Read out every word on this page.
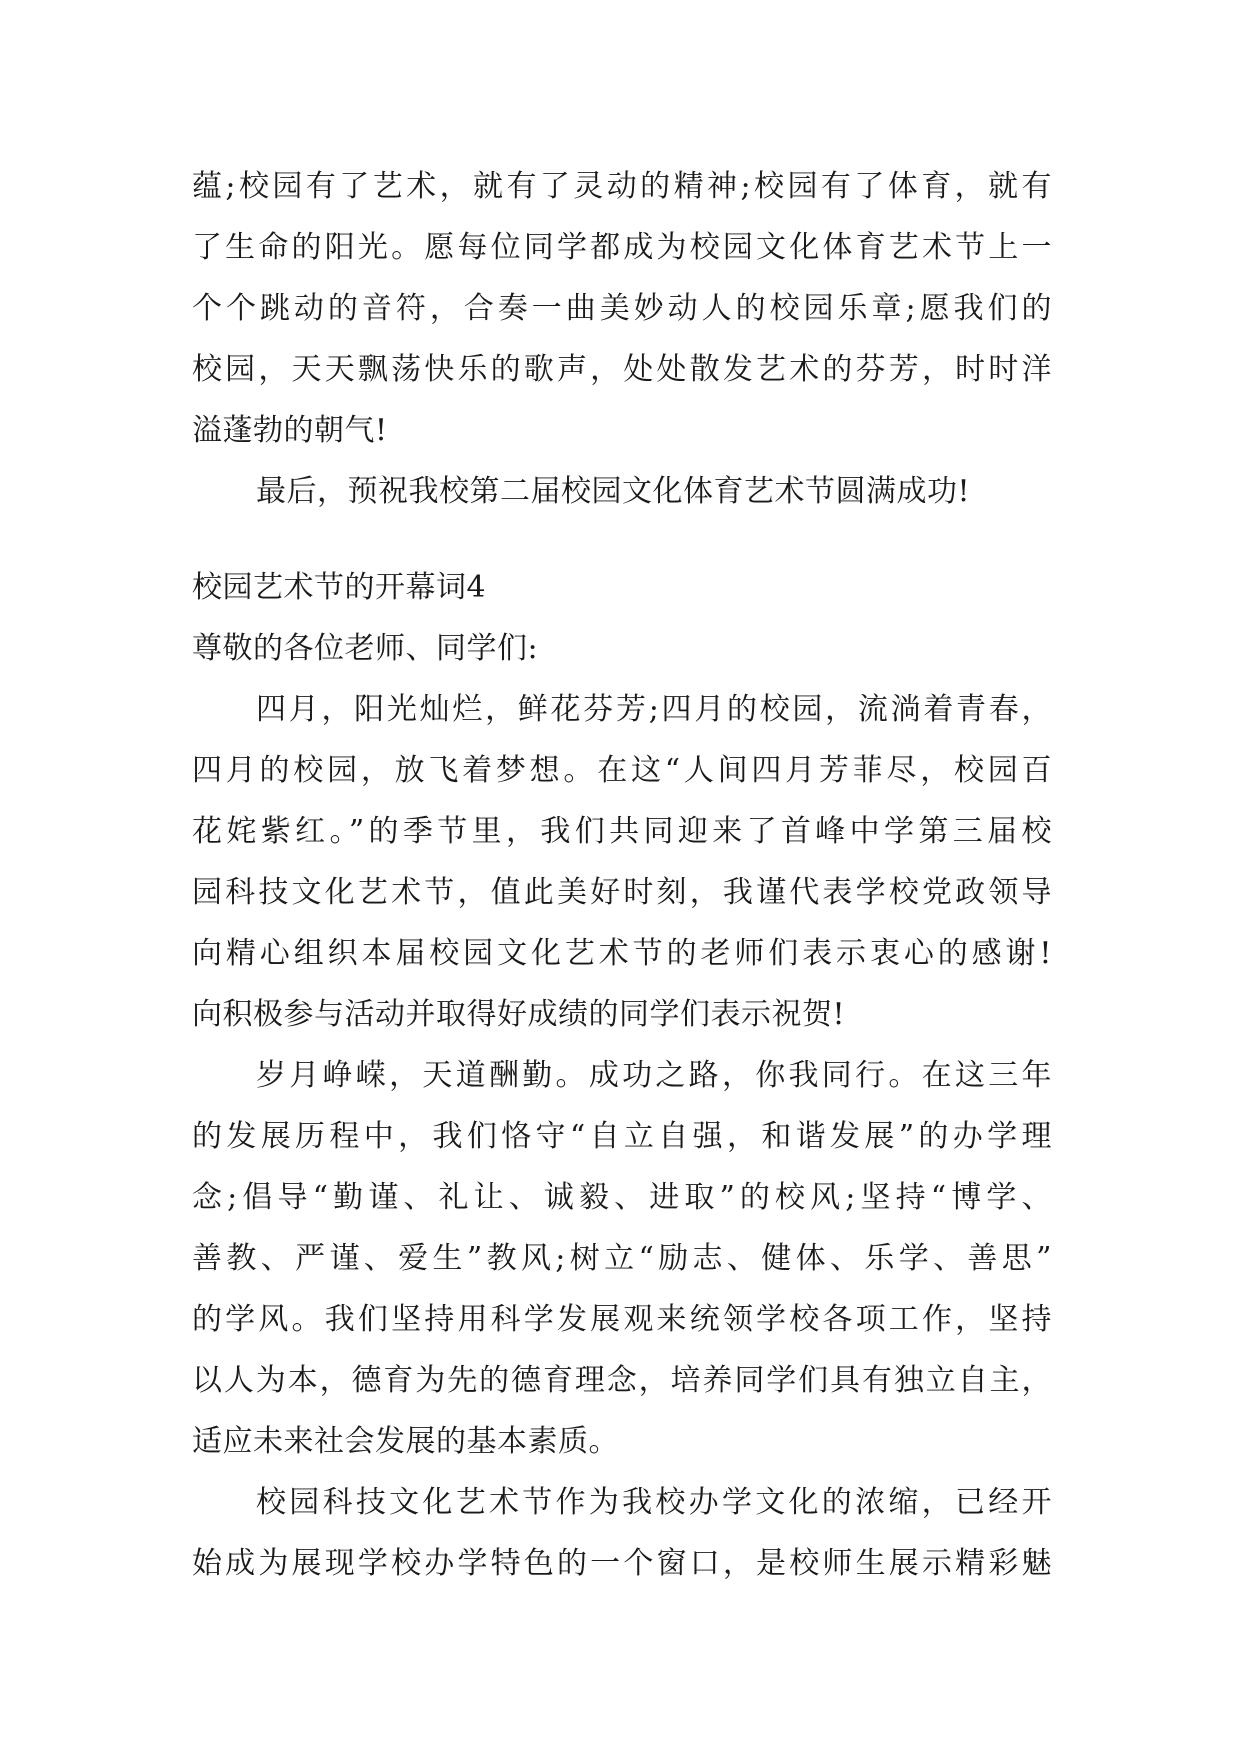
蕴;校园有了艺术，就有了灵动的精神;校园有了体育，就有
了生命的阳光。愿每位同学都成为校园文化体育艺术节上一
个个跳动的音符，合奏一曲美妙动人的校园乐章;愿我们的
校园，天天飘荡快乐的歌声，处处散发艺术的芬芳，时时洋
溢蓬勃的朝气!
最后，预祝我校第二届校园文化体育艺术节圆满成功!
校园艺术节的开幕词4
尊敬的各位老师、同学们:
四月，阳光灿烂，鲜花芬芳;四月的校园，流淌着青春，
四月的校园，放飞着梦想。在这“人间四月芳菲尽，校园百
花姹紫红。”的季节里，我们共同迎来了首峰中学第三届校
园科技文化艺术节，值此美好时刻，我谨代表学校党政领导
向精心组织本届校园文化艺术节的老师们表示衷心的感谢!
向积极参与活动并取得好成绩的同学们表示祝贺!
岁月峥嵘，天道酬勤。成功之路，你我同行。在这三年
的发展历程中，我们恪守“自立自强，和谐发展”的办学理
念;倡导“勤谨、礼让、诚毅、进取”的校风;坚持“博学、
善教、严谨、爱生”教风;树立“励志、健体、乐学、善思”
的学风。我们坚持用科学发展观来统领学校各项工作，坚持
以人为本，德育为先的德育理念，培养同学们具有独立自主，
适应未来社会发展的基本素质。
校园科技文化艺术节作为我校办学文化的浓缩，已经开
始成为展现学校办学特色的一个窗口，是校师生展示精彩魅
